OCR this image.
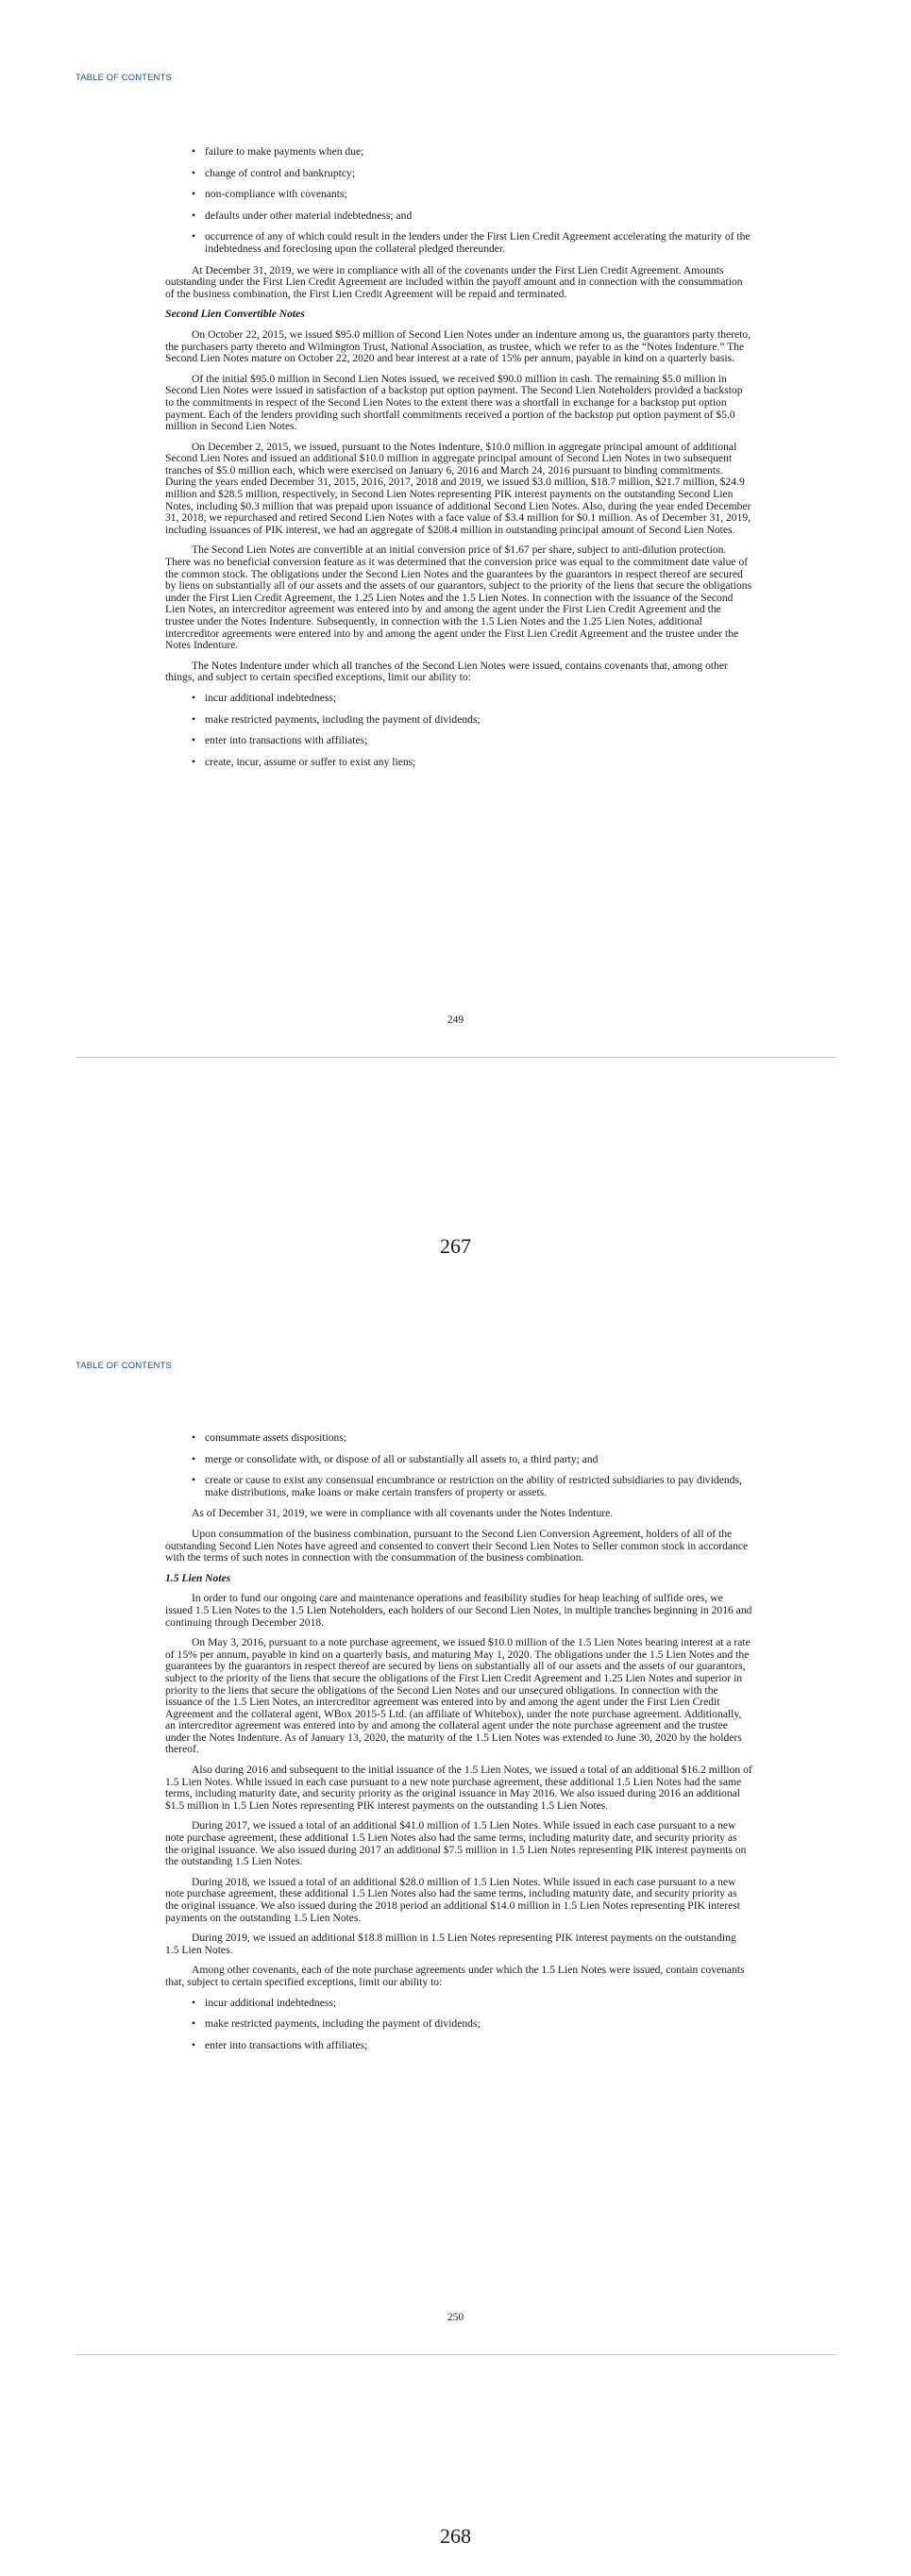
TABLE OF CONTENTS
• failure to make payments when due;
• change of control and bankruptcy;
• non-compliance with covenants;
• defaults under other material indebtedness; and
• occurrence of any of which could result in the lenders under the First Lien Credit Agreement accelerating the maturity of the indebtedness and foreclosing upon the collateral pledged thereunder.

At December 31, 2019, we were in compliance with all of the covenants under the First Lien Credit Agreement. Amounts outstanding under the First Lien Credit Agreement are included within the payoff amount and in connection with the consummation of the business combination, the First Lien Credit Agreement will be repaid and terminated.

Second Lien Convertible Notes

On October 22, 2015, we issued $95.0 million of Second Lien Notes under an indenture among us, the guarantors party thereto, the purchasers party thereto and Wilmington Trust, National Association, as trustee, which we refer to as the “Notes Indenture.” The Second Lien Notes mature on October 22, 2020 and bear interest at a rate of 15% per annum, payable in kind on a quarterly basis.

Of the initial $95.0 million in Second Lien Notes issued, we received $90.0 million in cash. The remaining $5.0 million in Second Lien Notes were issued in satisfaction of a backstop put option payment. The Second Lien Noteholders provided a backstop to the commitments in respect of the Second Lien Notes to the extent there was a shortfall in exchange for a backstop put option payment. Each of the lenders providing such shortfall commitments received a portion of the backstop put option payment of $5.0 million in Second Lien Notes.

On December 2, 2015, we issued, pursuant to the Notes Indenture, $10.0 million in aggregate principal amount of additional Second Lien Notes and issued an additional $10.0 million in aggregate principal amount of Second Lien Notes in two subsequent tranches of $5.0 million each, which were exercised on January 6, 2016 and March 24, 2016 pursuant to binding commitments. During the years ended December 31, 2015, 2016, 2017, 2018 and 2019, we issued $3.0 million, $18.7 million, $21.7 million, $24.9 million and $28.5 million, respectively, in Second Lien Notes representing PIK interest payments on the outstanding Second Lien Notes, including $0.3 million that was prepaid upon issuance of additional Second Lien Notes. Also, during the year ended December 31, 2018, we repurchased and retired Second Lien Notes with a face value of $3.4 million for $0.1 million. As of December 31, 2019, including issuances of PIK interest, we had an aggregate of $208.4 million in outstanding principal amount of Second Lien Notes.

The Second Lien Notes are convertible at an initial conversion price of $1.67 per share, subject to anti-dilution protection. There was no beneficial conversion feature as it was determined that the conversion price was equal to the commitment date value of the common stock. The obligations under the Second Lien Notes and the guarantees by the guarantors in respect thereof are secured by liens on substantially all of our assets and the assets of our guarantors, subject to the priority of the liens that secure the obligations under the First Lien Credit Agreement, the 1.25 Lien Notes and the 1.5 Lien Notes. In connection with the issuance of the Second Lien Notes, an intercreditor agreement was entered into by and among the agent under the First Lien Credit Agreement and the trustee under the Notes Indenture. Subsequently, in connection with the 1.5 Lien Notes and the 1.25 Lien Notes, additional intercreditor agreements were entered into by and among the agent under the First Lien Credit Agreement and the trustee under the Notes Indenture.

The Notes Indenture under which all tranches of the Second Lien Notes were issued, contains covenants that, among other things, and subject to certain specified exceptions, limit our ability to:

• incur additional indebtedness;
• make restricted payments, including the payment of dividends;
• enter into transactions with affiliates;
• create, incur, assume or suffer to exist any liens;
249
267
TABLE OF CONTENTS
• consummate assets dispositions;
• merge or consolidate with, or dispose of all or substantially all assets to, a third party; and
• create or cause to exist any consensual encumbrance or restriction on the ability of restricted subsidiaries to pay dividends, make distributions, make loans or make certain transfers of property or assets.

As of December 31, 2019, we were in compliance with all covenants under the Notes Indenture.

Upon consummation of the business combination, pursuant to the Second Lien Conversion Agreement, holders of all of the outstanding Second Lien Notes have agreed and consented to convert their Second Lien Notes to Seller common stock in accordance with the terms of such notes in connection with the consummation of the business combination.

1.5 Lien Notes

In order to fund our ongoing care and maintenance operations and feasibility studies for heap leaching of sulfide ores, we issued 1.5 Lien Notes to the 1.5 Lien Noteholders, each holders of our Second Lien Notes, in multiple tranches beginning in 2016 and continuing through December 2018.

On May 3, 2016, pursuant to a note purchase agreement, we issued $10.0 million of the 1.5 Lien Notes bearing interest at a rate of 15% per annum, payable in kind on a quarterly basis, and maturing May 1, 2020. The obligations under the 1.5 Lien Notes and the guarantees by the guarantors in respect thereof are secured by liens on substantially all of our assets and the assets of our guarantors, subject to the priority of the liens that secure the obligations of the First Lien Credit Agreement and 1.25 Lien Notes and superior in priority to the liens that secure the obligations of the Second Lien Notes and our unsecured obligations. In connection with the issuance of the 1.5 Lien Notes, an intercreditor agreement was entered into by and among the agent under the First Lien Credit Agreement and the collateral agent, WBox 2015-5 Ltd. (an affiliate of Whitebox), under the note purchase agreement. Additionally, an intercreditor agreement was entered into by and among the collateral agent under the note purchase agreement and the trustee under the Notes Indenture. As of January 13, 2020, the maturity of the 1.5 Lien Notes was extended to June 30, 2020 by the holders thereof.

Also during 2016 and subsequent to the initial issuance of the 1.5 Lien Notes, we issued a total of an additional $16.2 million of 1.5 Lien Notes. While issued in each case pursuant to a new note purchase agreement, these additional 1.5 Lien Notes had the same terms, including maturity date, and security priority as the original issuance in May 2016. We also issued during 2016 an additional $1.5 million in 1.5 Lien Notes representing PIK interest payments on the outstanding 1.5 Lien Notes.

During 2017, we issued a total of an additional $41.0 million of 1.5 Lien Notes. While issued in each case pursuant to a new note purchase agreement, these additional 1.5 Lien Notes also had the same terms, including maturity date, and security priority as the original issuance. We also issued during 2017 an additional $7.5 million in 1.5 Lien Notes representing PIK interest payments on the outstanding 1.5 Lien Notes.

During 2018, we issued a total of an additional $28.0 million of 1.5 Lien Notes. While issued in each case pursuant to a new note purchase agreement, these additional 1.5 Lien Notes also had the same terms, including maturity date, and security priority as the original issuance. We also issued during the 2018 period an additional $14.0 million in 1.5 Lien Notes representing PIK interest payments on the outstanding 1.5 Lien Notes.

During 2019, we issued an additional $18.8 million in 1.5 Lien Notes representing PIK interest payments on the outstanding 1.5 Lien Notes.

Among other covenants, each of the note purchase agreements under which the 1.5 Lien Notes were issued, contain covenants that, subject to certain specified exceptions, limit our ability to:

• incur additional indebtedness;
• make restricted payments, including the payment of dividends;
• enter into transactions with affiliates;
250
268
